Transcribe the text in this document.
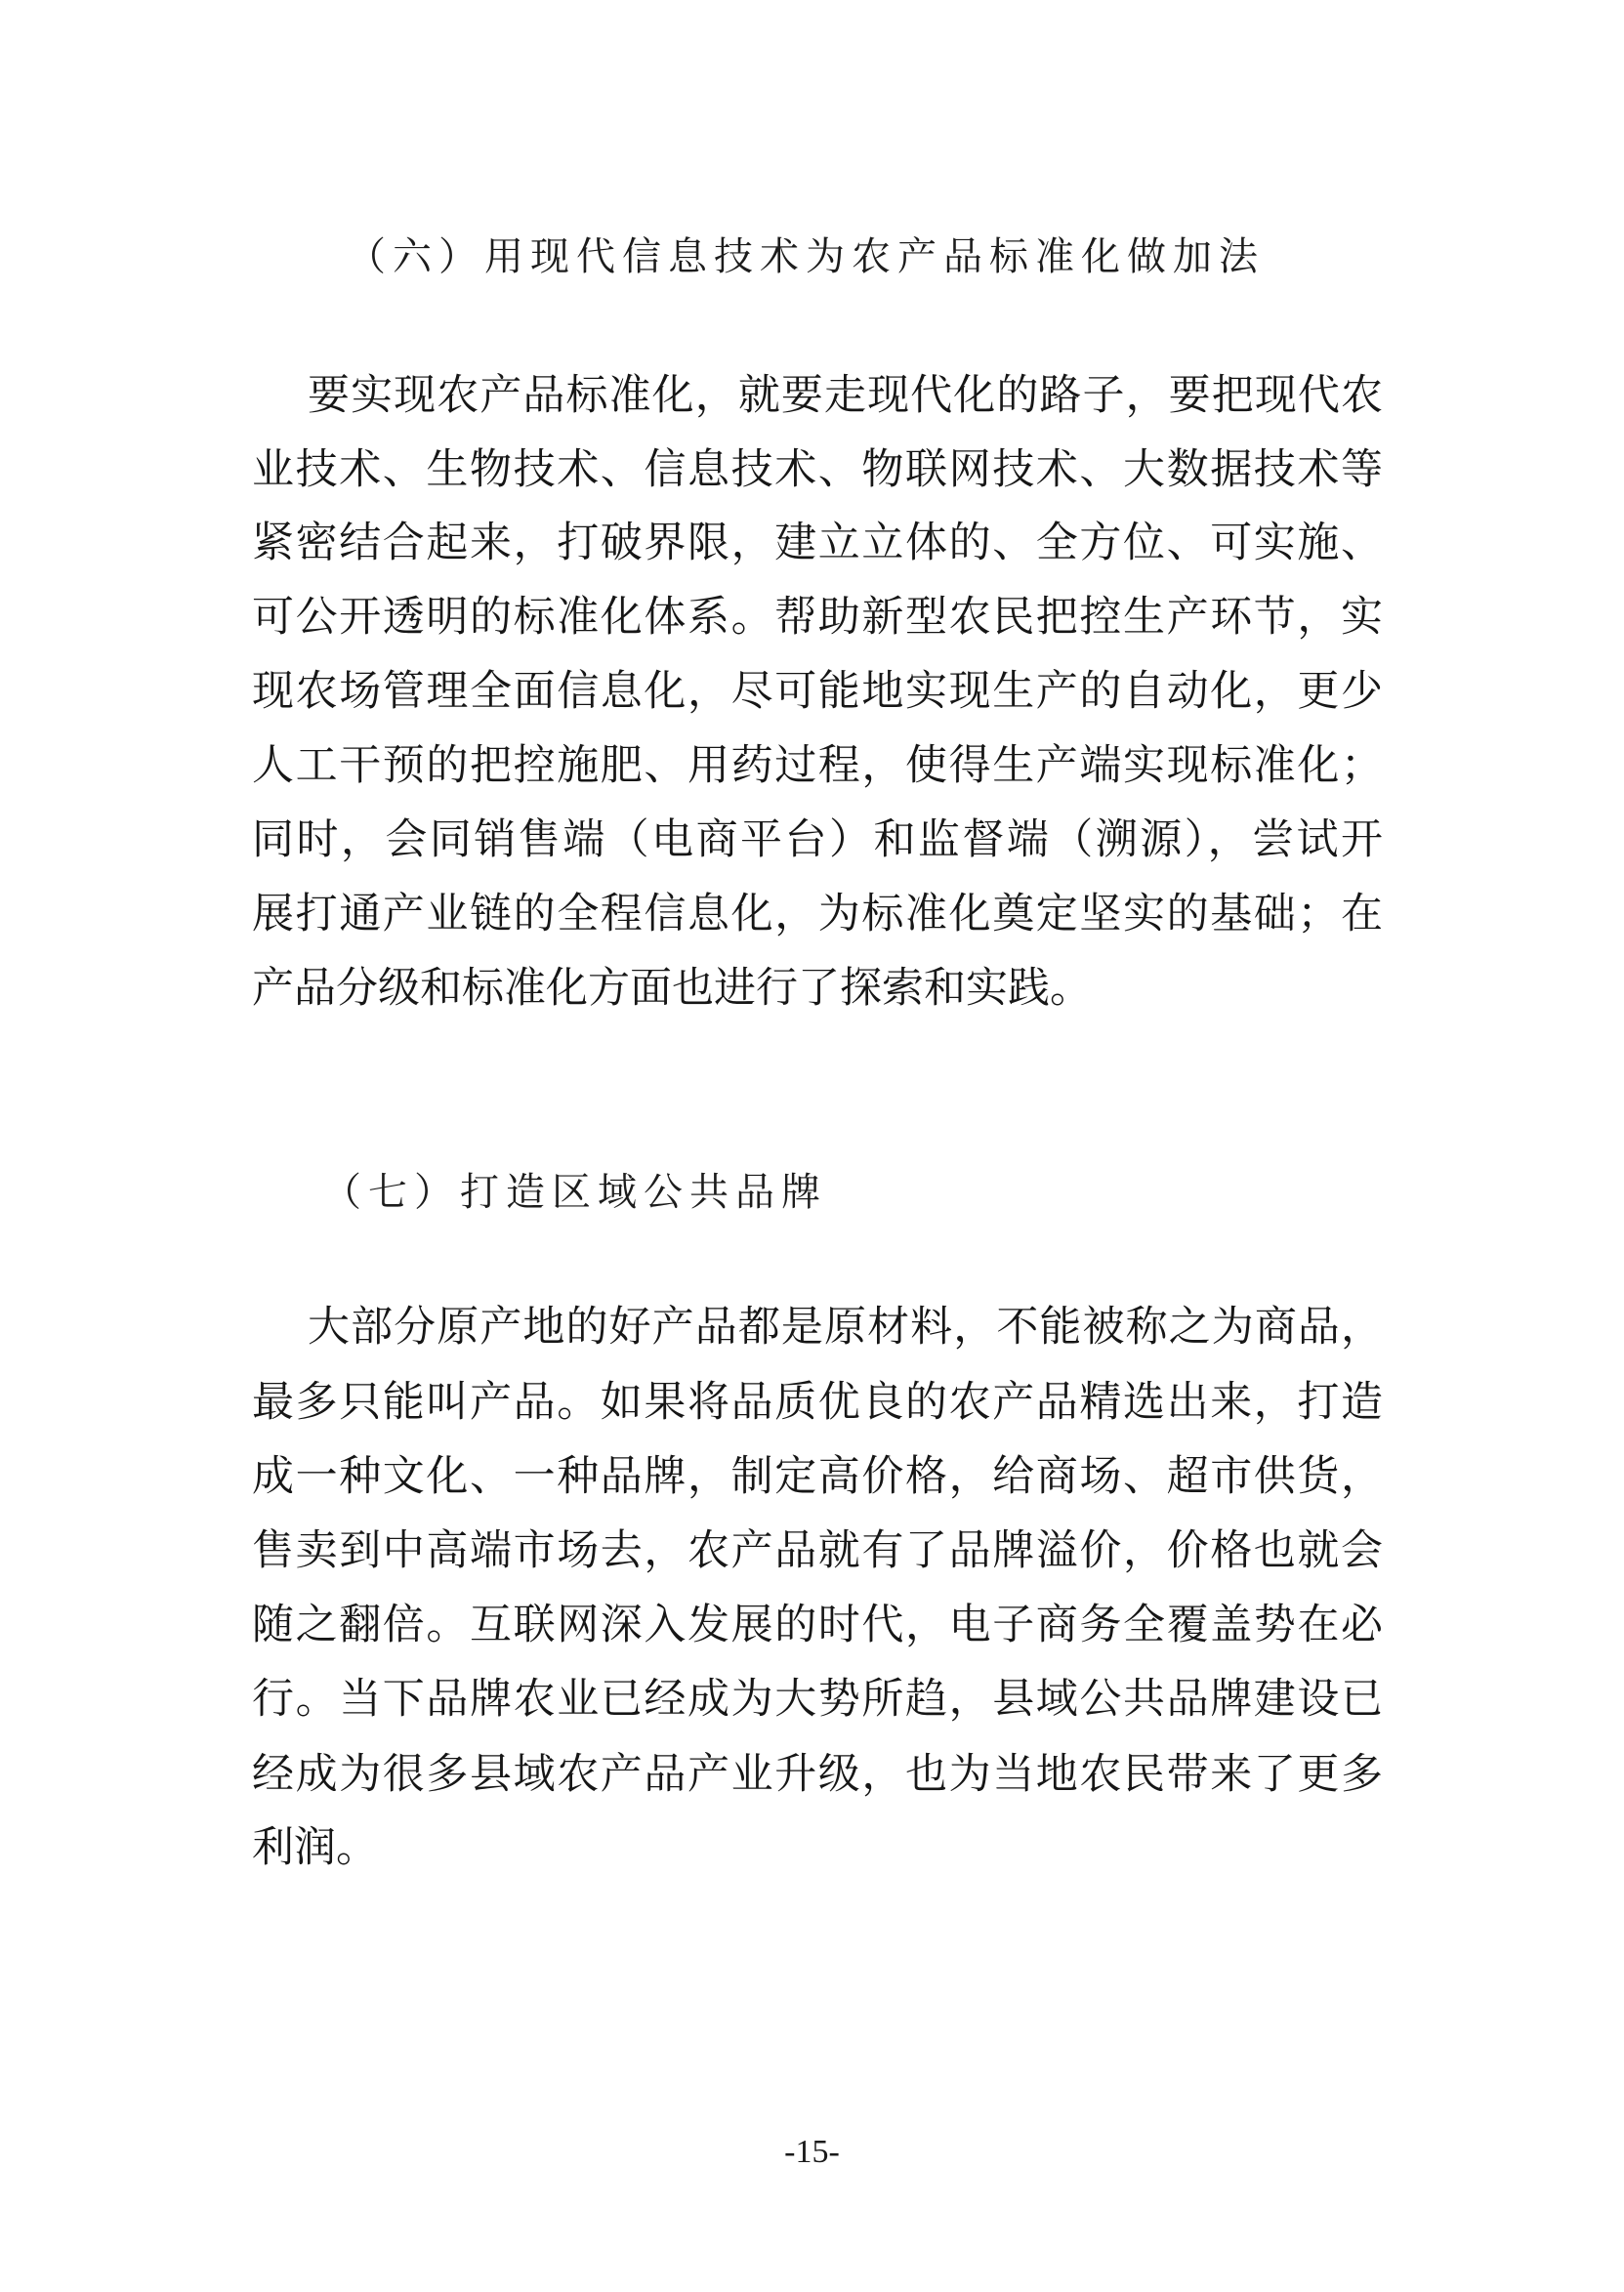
（六）用现代信息技术为农产品标准化做加法
要实现农产品标准化，就要走现代化的路子，要把现代农
业技术、生物技术、信息技术、物联网技术、大数据技术等
紧密结合起来，打破界限，建立立体的、全方位、可实施、
可公开透明的标准化体系。帮助新型农民把控生产环节，实
现农场管理全面信息化，尽可能地实现生产的自动化，更少
人工干预的把控施肥、用药过程，使得生产端实现标准化；
同时，会同销售端（电商平台）和监督端（溯源），尝试开
展打通产业链的全程信息化，为标准化奠定坚实的基础；在
产品分级和标准化方面也进行了探索和实践。
（七）打造区域公共品牌
大部分原产地的好产品都是原材料，不能被称之为商品，
最多只能叫产品。如果将品质优良的农产品精选出来，打造
成一种文化、一种品牌，制定高价格，给商场、超市供货，
售卖到中高端市场去，农产品就有了品牌溢价，价格也就会
随之翻倍。互联网深入发展的时代，电子商务全覆盖势在必
行。当下品牌农业已经成为大势所趋，县域公共品牌建设已
经成为很多县域农产品产业升级，也为当地农民带来了更多
利润。
-15-
